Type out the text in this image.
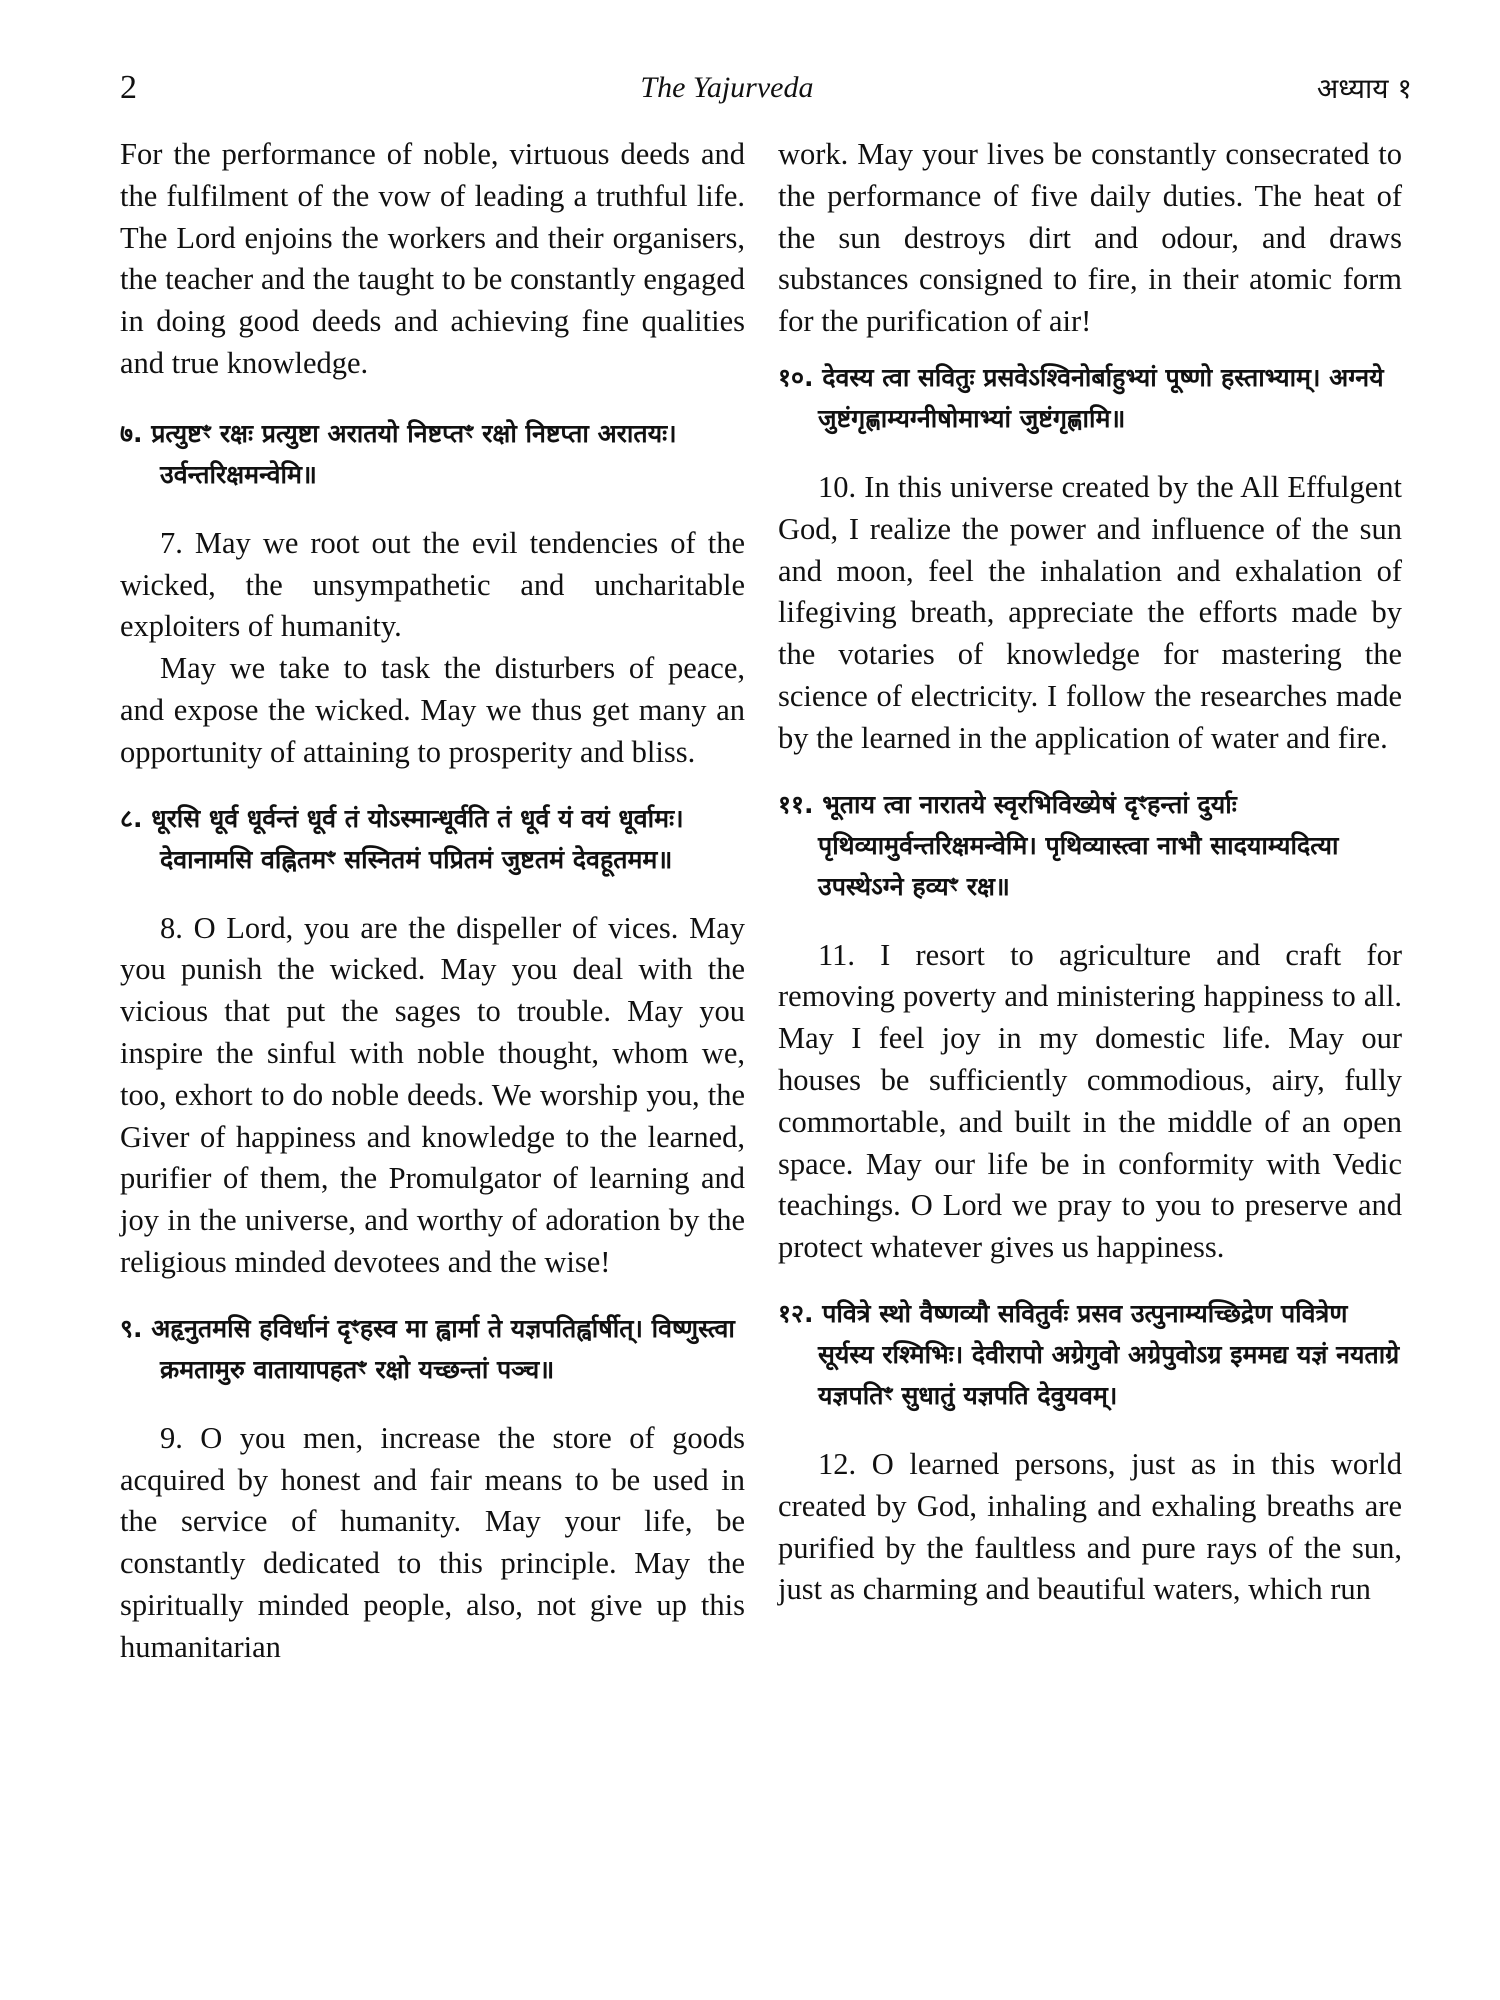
2	The Yajurveda	अध्याय १

For the performance of noble, virtuous deeds and the fulfilment of the vow of leading a truthful life. The Lord enjoins the workers and their organisers, the teacher and the taught to be constantly engaged in doing good deeds and achieving fine qualities and true knowledge.

७. प्रत्युष्टꣳ रक्षः प्रत्युष्टा अरातयो निष्टप्तꣳ रक्षो निष्टप्ता अरातयः। उर्वन्तरिक्षमन्वेमि॥

7. May we root out the evil tendencies of the wicked, the unsympathetic and uncharitable exploiters of humanity.

May we take to task the disturbers of peace, and expose the wicked. May we thus get many an opportunity of attaining to prosperity and bliss.

८. धूरसि धूर्व धूर्वन्तं धूर्व तं योऽस्मान्धूर्वति तं धूर्व यं वयं धूर्वामः। देवानामसि वह्नितमꣳ सस्नितमं पप्रितमं जुष्टतमं देवहूतमम॥

8. O Lord, you are the dispeller of vices. May you punish the wicked. May you deal with the vicious that put the sages to trouble. May you inspire the sinful with noble thought, whom we, too, exhort to do noble deeds. We worship you, the Giver of happiness and knowledge to the learned, purifier of them, the Promulgator of learning and joy in the universe, and worthy of adoration by the religious minded devotees and the wise!

९. अहृनुतमसि हविर्धानं दृꣳहस्व मा ह्वार्मा ते यज्ञपतिर्ह्वार्षीत्। विष्णुस्त्वा क्रमतामुरु वातायापहतꣳ रक्षो यच्छन्तां पञ्च॥

9. O you men, increase the store of goods acquired by honest and fair means to be used in the service of humanity. May your life, be constantly dedicated to this principle. May the spiritually minded people, also, not give up this humanitarian

work. May your lives be constantly consecrated to the performance of five daily duties. The heat of the sun destroys dirt and odour, and draws substances consigned to fire, in their atomic form for the purification of air!

१०. देवस्य त्वा सवितुः प्रसवेऽश्विनोर्बाहुभ्यां पूष्णो हस्ताभ्याम्। अग्नये जुष्टंगृह्णाम्यग्नीषोमाभ्यां जुष्टंगृह्णामि॥

10. In this universe created by the All Effulgent God, I realize the power and influence of the sun and moon, feel the inhalation and exhalation of lifegiving breath, appreciate the efforts made by the votaries of knowledge for mastering the science of electricity. I follow the researches made by the learned in the application of water and fire.

११. भूताय त्वा नारातये स्वृरभिविख्येषं दृꣳहन्तां दुर्याः पृथिव्यामुर्वन्तरिक्षमन्वेमि। पृथिव्यास्त्वा नाभौ सादयाम्यदित्या उपस्थेऽग्ने हव्यꣳ रक्ष॥

11. I resort to agriculture and craft for removing poverty and ministering happiness to all. May I feel joy in my domestic life. May our houses be sufficiently commodious, airy, fully commortable, and built in the middle of an open space. May our life be in conformity with Vedic teachings. O Lord we pray to you to preserve and protect whatever gives us happiness.

१२. पवित्रे स्थो वैष्णव्यौ सवितुर्वः प्रसव उत्पुनाम्यच्छिद्रेण पवित्रेण सूर्यस्य रश्मिभिः। देवीरापो अग्रेगुवो अग्रेपुवोऽग्र इममद्य यज्ञं नयताग्रे यज्ञपतिꣳ सुधातुं यज्ञपति देवुयवम्।

12. O learned persons, just as in this world created by God, inhaling and exhaling breaths are purified by the faultless and pure rays of the sun, just as charming and beautiful waters, which run
